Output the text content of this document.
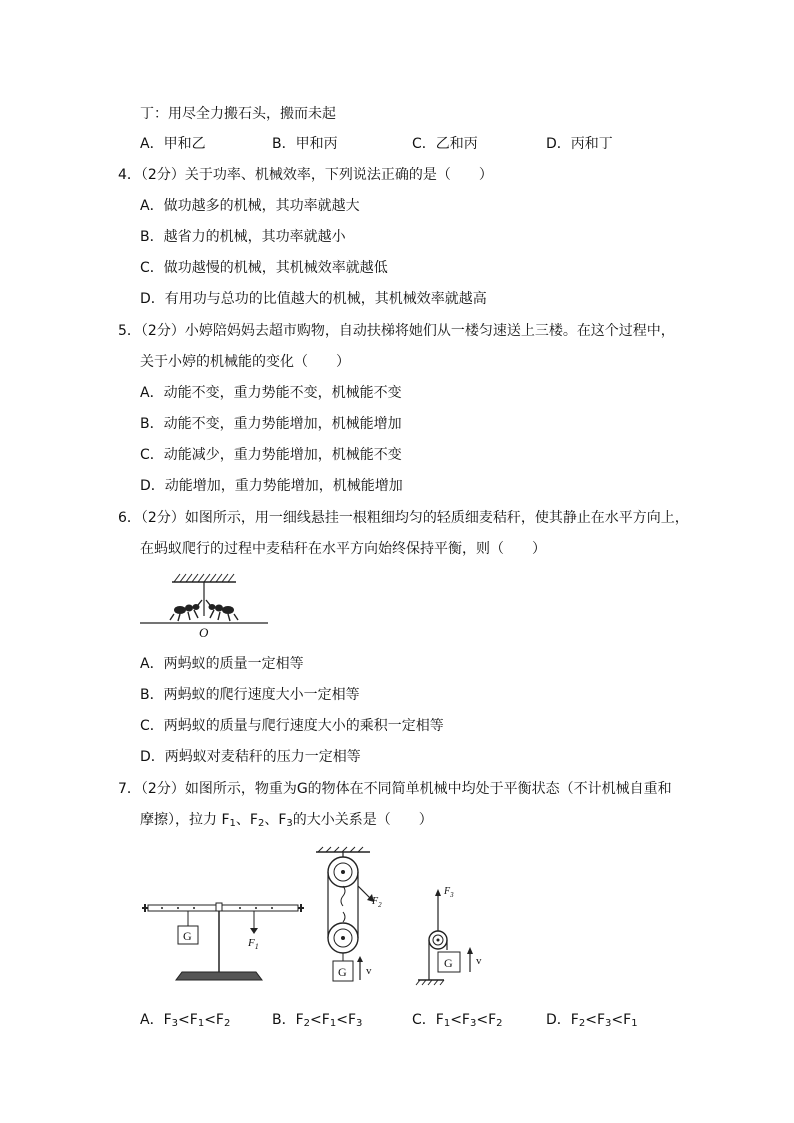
丁：用尽全力搬石头，搬而未起
A．甲和乙	B．甲和丙	C．乙和丙	D．丙和丁
4．（2分）关于功率、机械效率，下列说法正确的是（　　）
A．做功越多的机械，其功率就越大
B．越省力的机械，其功率就越小
C．做功越慢的机械，其机械效率就越低
D．有用功与总功的比值越大的机械，其机械效率就越高
5．（2分）小婷陪妈妈去超市购物，自动扶梯将她们从一楼匀速送上三楼。在这个过程中，
关于小婷的机械能的变化（　　）
A．动能不变，重力势能不变，机械能不变
B．动能不变，重力势能增加，机械能增加
C．动能减少，重力势能增加，机械能不变
D．动能增加，重力势能增加，机械能增加
6．（2分）如图所示，用一细线悬挂一根粗细均匀的轻质细麦秸秆，使其静止在水平方向上，
在蚂蚁爬行的过程中麦秸秆在水平方向始终保持平衡，则（　　）
O
A．两蚂蚁的质量一定相等
B．两蚂蚁的爬行速度大小一定相等
C．两蚂蚁的质量与爬行速度大小的乘积一定相等
D．两蚂蚁对麦秸秆的压力一定相等
7．（2分）如图所示，物重为G的物体在不同简单机械中均处于平衡状态（不计机械自重和
摩擦），拉力 $F_1$、$F_2$、$F_3$的大小关系是（　　）
G	$F_1$
$F_2$
G v
$F_3$
G v
A．$F_3<F_1<F_2$	B．$F_2<F_1<F_3$	C．$F_1<F_3<F_2$	D．$F_2<F_3<F_1$
